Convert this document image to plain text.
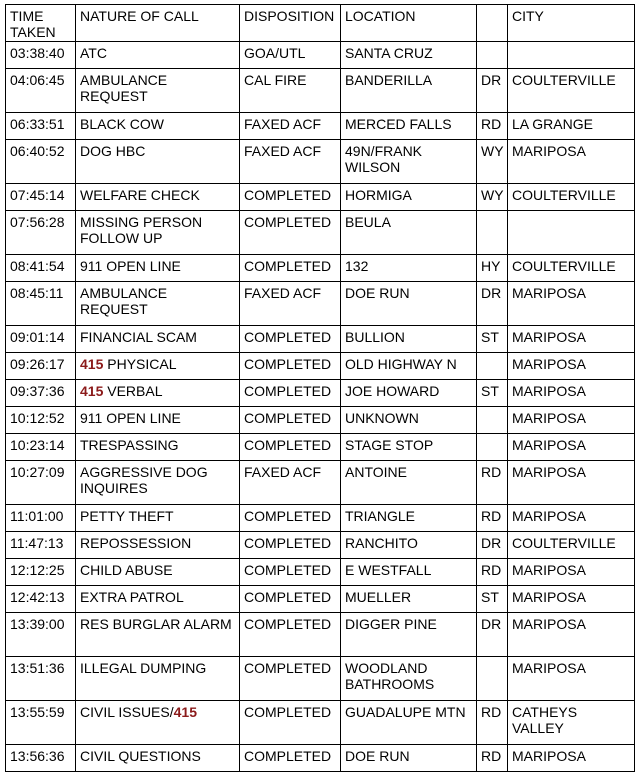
TIME TAKEN	NATURE OF CALL	DISPOSITION	LOCATION		CITY
03:38:40	ATC	GOA/UTL	SANTA CRUZ		
04:06:45	AMBULANCE REQUEST	CAL FIRE	BANDERILLA	DR	COULTERVILLE
06:33:51	BLACK COW	FAXED ACF	MERCED FALLS	RD	LA GRANGE
06:40:52	DOG HBC	FAXED ACF	49N/FRANK WILSON	WY	MARIPOSA
07:45:14	WELFARE CHECK	COMPLETED	HORMIGA	WY	COULTERVILLE
07:56:28	MISSING PERSON FOLLOW UP	COMPLETED	BEULA		
08:41:54	911 OPEN LINE	COMPLETED	132	HY	COULTERVILLE
08:45:11	AMBULANCE REQUEST	FAXED ACF	DOE RUN	DR	MARIPOSA
09:01:14	FINANCIAL SCAM	COMPLETED	BULLION	ST	MARIPOSA
09:26:17	415 PHYSICAL	COMPLETED	OLD HIGHWAY N		MARIPOSA
09:37:36	415 VERBAL	COMPLETED	JOE HOWARD	ST	MARIPOSA
10:12:52	911 OPEN LINE	COMPLETED	UNKNOWN		MARIPOSA
10:23:14	TRESPASSING	COMPLETED	STAGE STOP		MARIPOSA
10:27:09	AGGRESSIVE DOG INQUIRES	FAXED ACF	ANTOINE	RD	MARIPOSA
11:01:00	PETTY THEFT	COMPLETED	TRIANGLE	RD	MARIPOSA
11:47:13	REPOSSESSION	COMPLETED	RANCHITO	DR	COULTERVILLE
12:12:25	CHILD ABUSE	COMPLETED	E WESTFALL	RD	MARIPOSA
12:42:13	EXTRA PATROL	COMPLETED	MUELLER	ST	MARIPOSA
13:39:00	RES BURGLAR ALARM	COMPLETED	DIGGER PINE	DR	MARIPOSA
13:51:36	ILLEGAL DUMPING	COMPLETED	WOODLAND BATHROOMS		MARIPOSA
13:55:59	CIVIL ISSUES/415	COMPLETED	GUADALUPE MTN	RD	CATHEYS VALLEY
13:56:36	CIVIL QUESTIONS	COMPLETED	DOE RUN	RD	MARIPOSA
